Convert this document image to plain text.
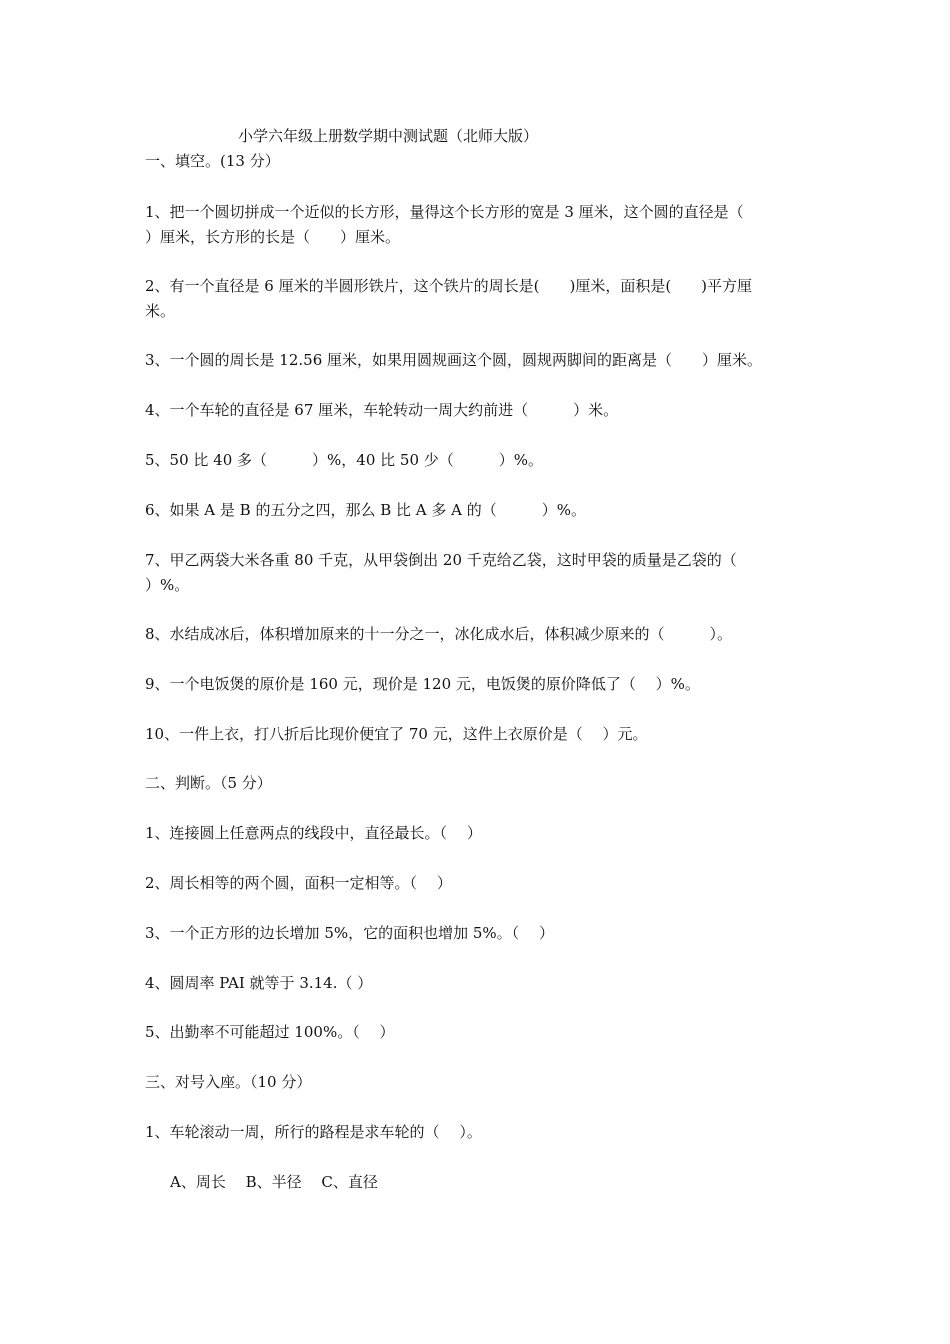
小学六年级上册数学期中测试题（北师大版）
一、填空。(13 分）
1、把一个圆切拼成一个近似的长方形，量得这个长方形的宽是 3 厘米，这个圆的直径是（
）厘米，长方形的长是（　　）厘米。
2、有一个直径是 6 厘米的半圆形铁片，这个铁片的周长是(　　)厘米，面积是(　　)平方厘
米。
3、一个圆的周长是 12.56 厘米，如果用圆规画这个圆，圆规两脚间的距离是（　　）厘米。
4、一个车轮的直径是 67 厘米，车轮转动一周大约前进（　　　）米。
5、50 比 40 多（　　　）%，40 比 50 少（　　　）%。
6、如果 A 是 B 的五分之四，那么 B 比 A 多 A 的（　　　）%。
7、甲乙两袋大米各重 80 千克，从甲袋倒出 20 千克给乙袋，这时甲袋的质量是乙袋的（
）%。
8、水结成冰后，体积增加原来的十一分之一，冰化成水后，体积减少原来的（　　　）。
9、一个电饭煲的原价是 160 元，现价是 120 元，电饭煲的原价降低了（　 ）%。
10、一件上衣，打八折后比现价便宜了 70 元，这件上衣原价是（　 ）元。
二、判断。（5 分）
1、连接圆上任意两点的线段中，直径最长。（　 ）
2、周长相等的两个圆，面积一定相等。（　 ）
3、一个正方形的边长增加 5%，它的面积也增加 5%。（　 ）
4、圆周率 PAI 就等于 3.14.（ ）
5、出勤率不可能超过 100%。（　 ）
三、对号入座。（10 分）
1、车轮滚动一周，所行的路程是求车轮的（　 ）。
A、周长　 B、半径　 C、直径
